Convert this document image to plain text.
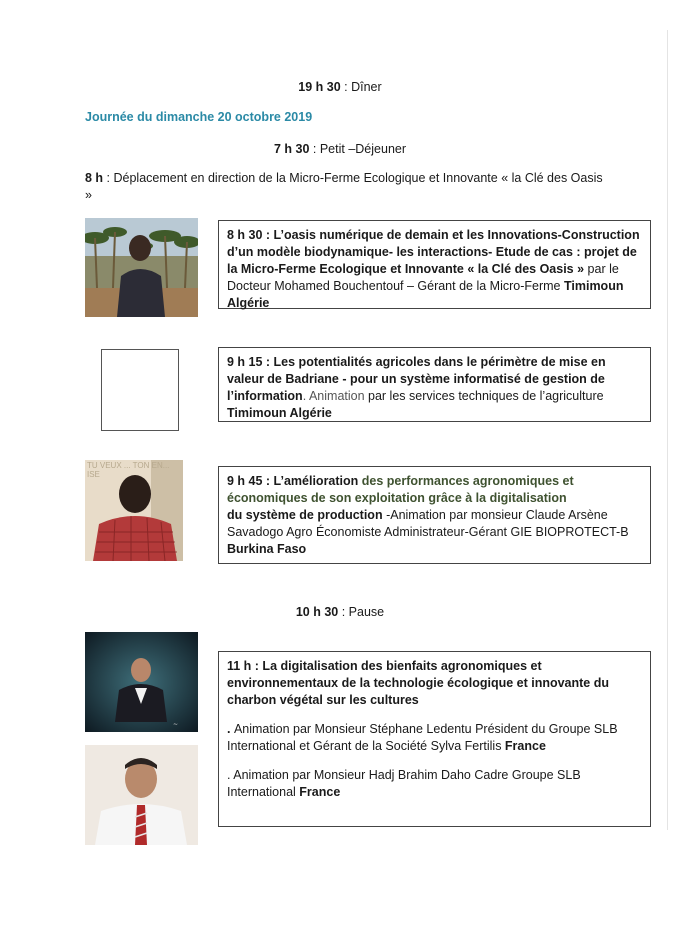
19 h 30 : Dîner
Journée du dimanche 20 octobre 2019
7 h 30 : Petit –Déjeuner
8 h : Déplacement en direction de la Micro-Ferme Ecologique et Innovante « la Clé des Oasis »
8 h 30 : L’oasis numérique de demain et les Innovations-Construction d’un modèle biodynamique- les interactions- Etude de cas : projet de la Micro-Ferme Ecologique et Innovante « la Clé des Oasis » par le Docteur Mohamed Bouchentouf – Gérant de la Micro-Ferme Timimoun Algérie
9 h 15 : Les potentialités agricoles dans le périmètre de mise en valeur de Badriane - pour un système informatisé de gestion de l’information. Animation par les services techniques de l’agriculture Timimoun Algérie
TU VEUX ... TON EN... ISE	9 h 45 : L’amélioration des performances agronomiques et économiques de son exploitation grâce à la digitalisation
du système de production -Animation par monsieur Claude Arsène Savadogo Agro Économiste Administrateur-Gérant GIE BIOPROTECT-B Burkina Faso
10 h 30 : Pause
~

11 h : La digitalisation des bienfaits agronomiques et environnementaux de la technologie écologique et innovante du charbon végétal sur les cultures

. Animation par Monsieur Stéphane Ledentu Président du Groupe SLB International et Gérant de la Société Sylva Fertilis France

. Animation par Monsieur Hadj Brahim Daho Cadre Groupe SLB International France
